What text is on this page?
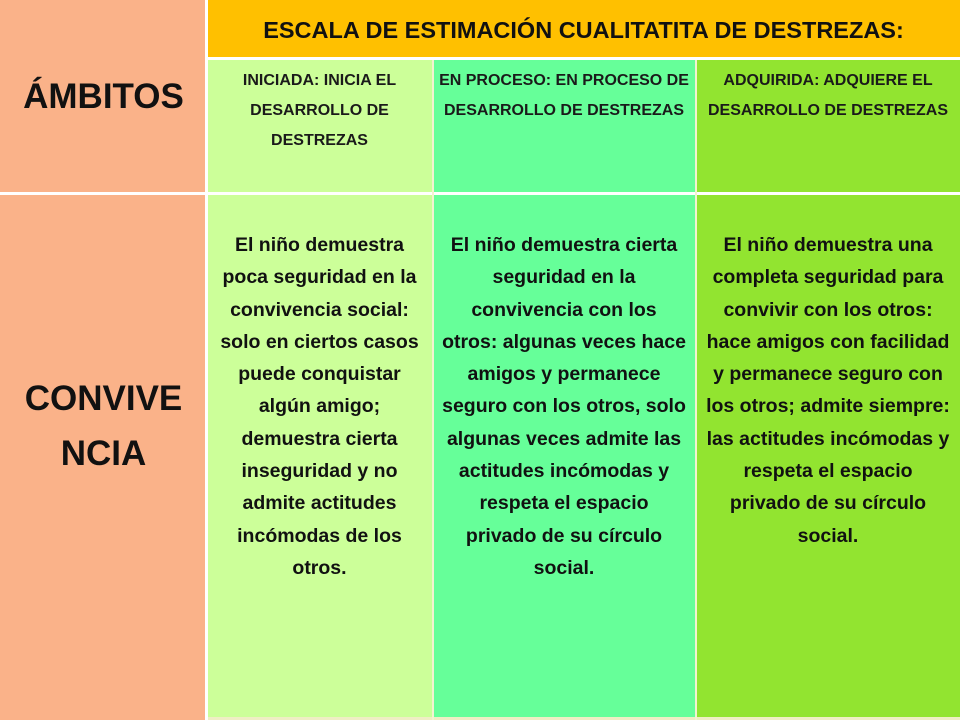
ÁMBITOS
ESCALA DE ESTIMACIÓN CUALITATITA DE DESTREZAS:
INICIADA: INICIA EL DESARROLLO DE DESTREZAS
EN PROCESO: EN PROCESO DE DESARROLLO DE DESTREZAS
ADQUIRIDA: ADQUIERE EL DESARROLLO DE DESTREZAS
CONVIVENCIA
El niño demuestra poca seguridad en la convivencia social: solo en ciertos casos puede conquistar algún amigo; demuestra cierta inseguridad y no admite actitudes incómodas de los otros.
El niño demuestra cierta seguridad en la convivencia con los otros: algunas veces hace amigos y permanece seguro con los otros, solo algunas veces admite las actitudes incómodas y respeta el espacio privado de su círculo social.
El niño demuestra una completa seguridad para convivir con los otros: hace amigos con facilidad y permanece seguro con los otros; admite siempre: las actitudes incómodas y respeta el espacio privado de su círculo social.
